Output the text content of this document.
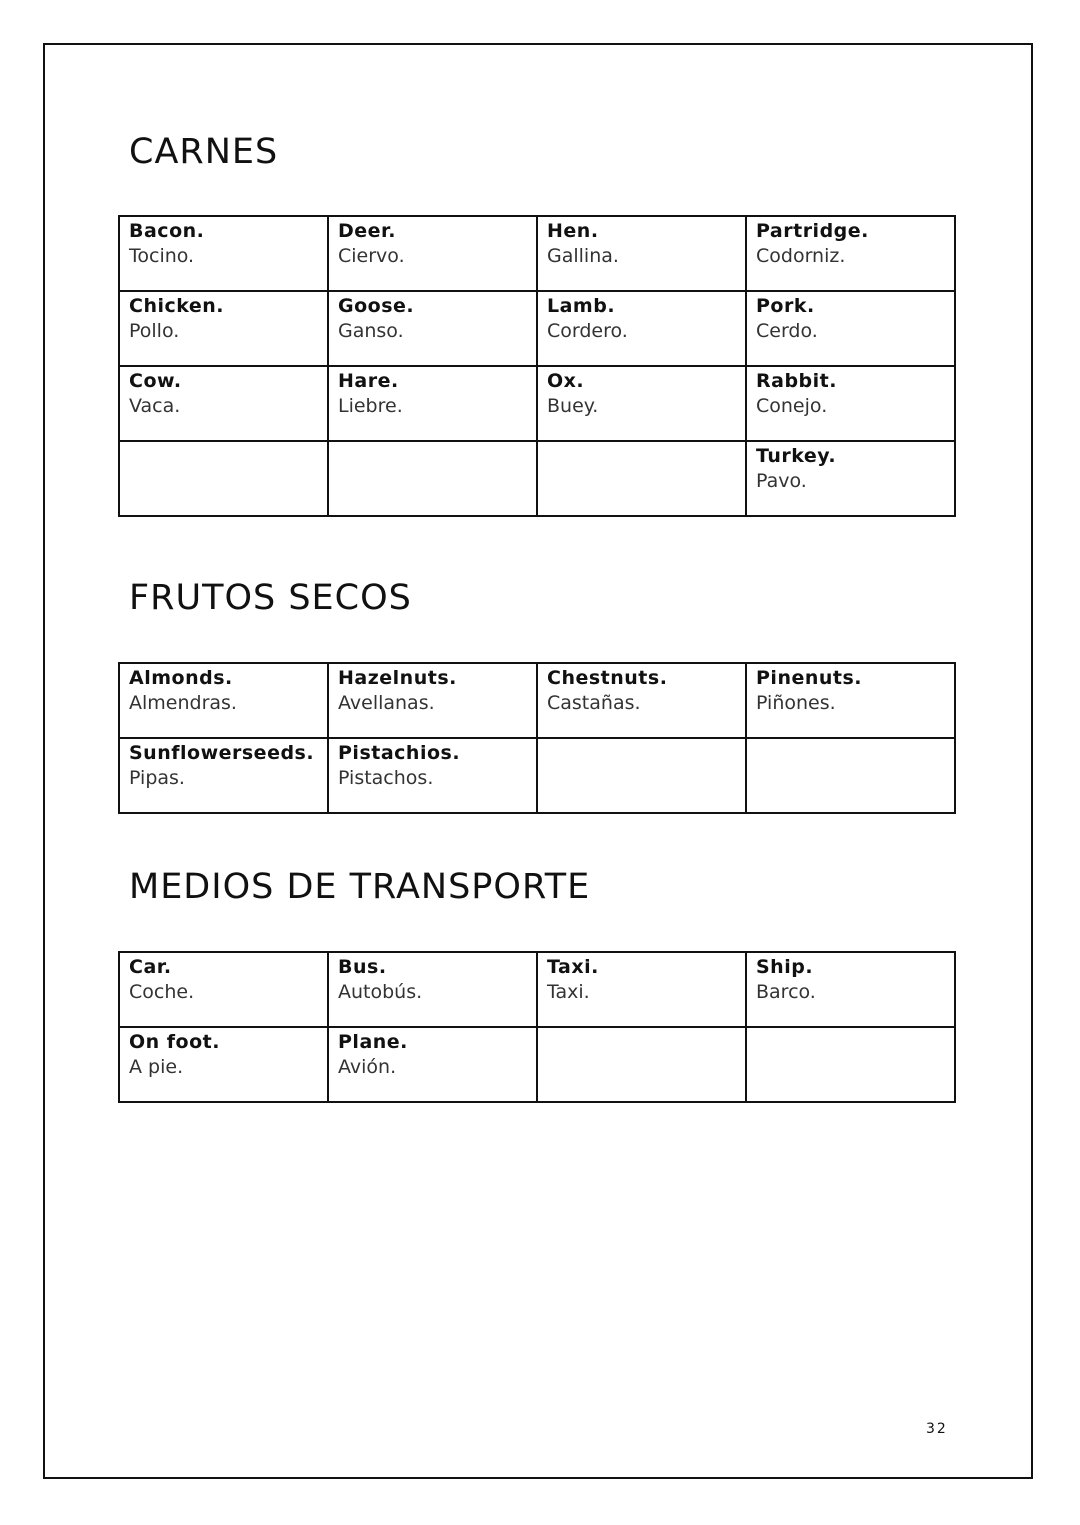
CARNES
Bacon.
Tocino.	Deer.
Ciervo.	Hen.
Gallina.	Partridge.
Codorniz.

Chicken.
Pollo.	Goose.
Ganso.	Lamb.
Cordero.	Pork.
Cerdo.

Cow.
Vaca.	Hare.
Liebre.	Ox.
Buey.	Rabbit.
Conejo.

			Turkey.
Pavo.
FRUTOS SECOS
Almonds.
Almendras.	Hazelnuts.
Avellanas.	Chestnuts.
Castañas.	Pinenuts.
Piñones.

Sunflowerseeds.
Pipas.	Pistachios.
Pistachos.		

MEDIOS DE TRANSPORTE
Car.
Coche.	Bus.
Autobús.	Taxi.
Taxi.	Ship.
Barco.

On foot.
A pie.	Plane.
Avión.		

32
